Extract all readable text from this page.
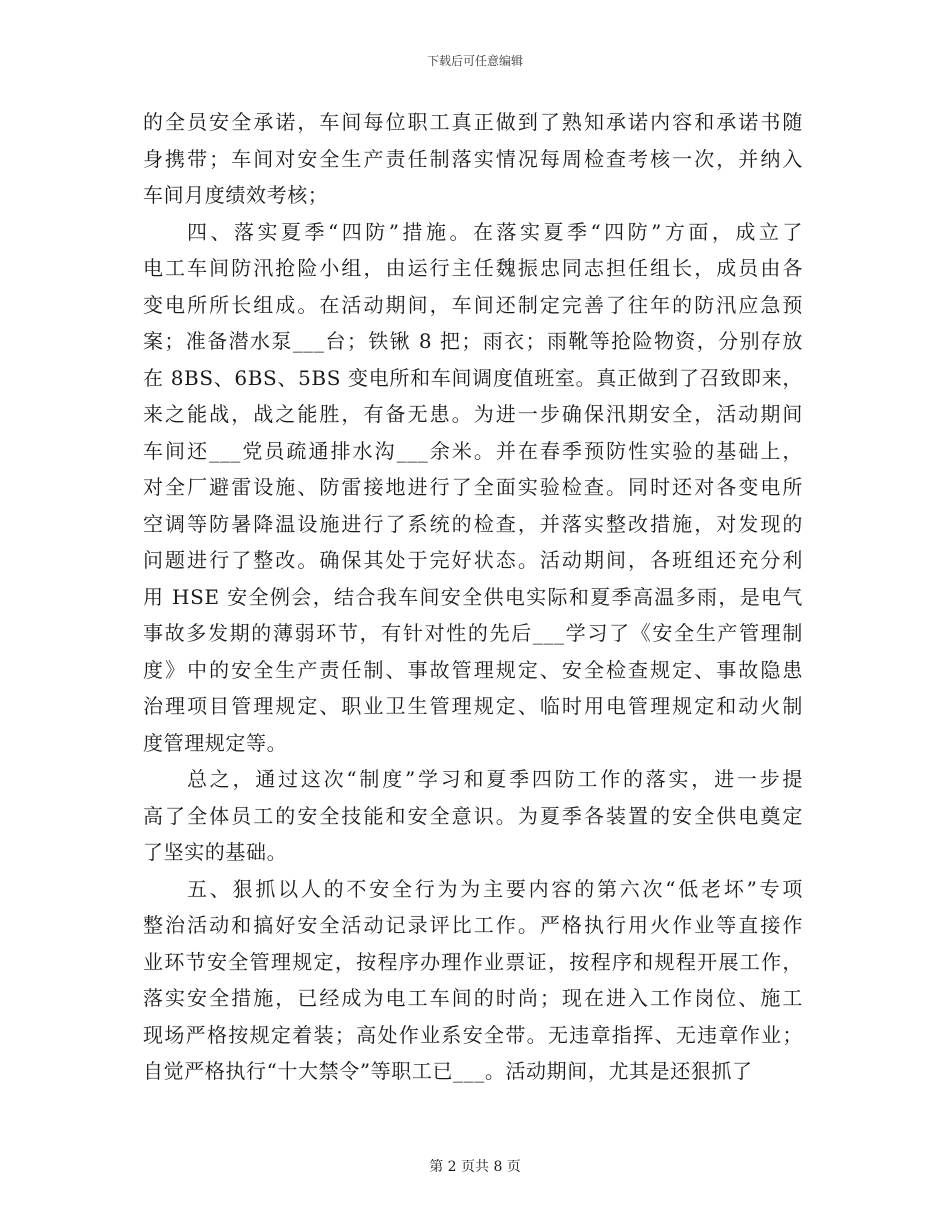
下载后可任意编辑
的全员安全承诺，车间每位职工真正做到了熟知承诺内容和承诺书随
身携带；车间对安全生产责任制落实情况每周检查考核一次，并纳入
车间月度绩效考核；
四、落实夏季“四防”措施。在落实夏季“四防”方面，成立了
电工车间防汛抢险小组，由运行主任魏振忠同志担任组长，成员由各
变电所所长组成。在活动期间，车间还制定完善了往年的防汛应急预
案；准备潜水泵___台；铁锹 8 把；雨衣；雨靴等抢险物资，分别存放
在 8BS、6BS、5BS 变电所和车间调度值班室。真正做到了召致即来，
来之能战，战之能胜，有备无患。为进一步确保汛期安全，活动期间
车间还___党员疏通排水沟___余米。并在春季预防性实验的基础上，
对全厂避雷设施、防雷接地进行了全面实验检查。同时还对各变电所
空调等防暑降温设施进行了系统的检查，并落实整改措施，对发现的
问题进行了整改。确保其处于完好状态。活动期间，各班组还充分利
用 HSE 安全例会，结合我车间安全供电实际和夏季高温多雨，是电气
事故多发期的薄弱环节，有针对性的先后___学习了《安全生产管理制
度》中的安全生产责任制、事故管理规定、安全检查规定、事故隐患
治理项目管理规定、职业卫生管理规定、临时用电管理规定和动火制
度管理规定等。
总之，通过这次“制度”学习和夏季四防工作的落实，进一步提
高了全体员工的安全技能和安全意识。为夏季各装置的安全供电奠定
了坚实的基础。
五、狠抓以人的不安全行为为主要内容的第六次“低老坏”专项
整治活动和搞好安全活动记录评比工作。严格执行用火作业等直接作
业环节安全管理规定，按程序办理作业票证，按程序和规程开展工作，
落实安全措施，已经成为电工车间的时尚；现在进入工作岗位、施工
现场严格按规定着装；高处作业系安全带。无违章指挥、无违章作业；
自觉严格执行“十大禁令”等职工已___。活动期间，尤其是还狠抓了
第 2 页共 8 页
